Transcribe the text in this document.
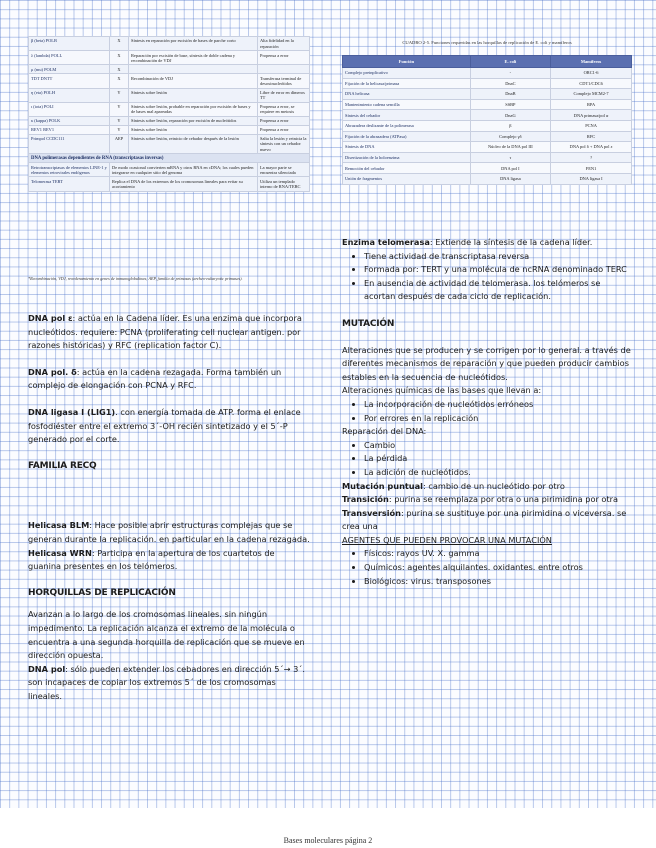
β (beta) POLB	X	Síntesis en reparación por escisión de bases de parche corto	Alta fidelidad en la reparación
λ (lambda) POLL	X	Reparación por escisión de base, síntesis de doble cadena y recombinación de VDJ	Propensa a error
μ (mu) POLM	X		
TDT DNTT	X	Recombinación de VDJ	Transferasa terminal de desoxinucleótidos
η (eta) POLH	Y	Síntesis sobre lesión	Libre de error en dímeros TT
ι (iota) POLI	Y	Síntesis sobre lesión, probable en reparación por escisión de bases y de bases mal apareadas	Propensa a error, se requiere en meiosis
κ (kappa) POLK	Y	Síntesis sobre lesión, reparación por escisión de nucleótidos	Propensa a error
REV1 REV1	Y	Síntesis sobre lesión	Propensa a error
Primpol CCDC111	AEP	Síntesis sobre lesión, reinicio de cebador después de la lesión	Salta la lesión y reinicia la síntesis con un cebador nuevo
DNA polimerasas dependientes de RNA (transcriptasas inversas)			
Retrotranscriptasas de elementos LINE-1 y elementos retrovirales endógenos	De modo ocasional convierten mRNA y otros RNA en cDNA; los cuales pueden integrarse en cualquier sitio del genoma		La mayor parte se encuentra silenciada
Telomerasa TERT	Replica el DNA de los extremos de los cromosomas lineales para evitar su acortamiento		Utiliza un templado interno de RNA/TERC
*Recombinación, VDJ, reordenamiento en genes de inmunoglobulinas; AEP, familia de primasas (archeo-eukaryotic primases).
CUADRO 2-5. Funciones requeridas en las horquillas de replicación de E. coli y mamíferos
Función	E. coli	Mamíferos
Complejo preinplicativo	-	ORC1-6
Fijación de la helicasa/primasa	DnaC	CDT1/CDC6
DNA helicasa	DnaB	Complejo MCM2-7
Mantenimiento cadena sencilla	SSBP	RPA
Síntesis del cebador	DnaG	DNA primasa/pol α
Abrazadera deslizante de la polimerasa	β	PCNA
Fijación de la abrazadera (ATPasa)	Complejo γδ	RFC
Síntesis de DNA	Núcleo de la DNA pol III	DNA pol δ + DNA pol ε
Disertización de la holoenzima	τ	?
Remoción del cebador	DNA pol I	FEN1
Unión de fragmentos	DNA ligasa	DNA ligasa I

DNA pol ε: actúa en la Cadena líder. Es una enzima que incorpora nucleótidos. requiere: PCNA (proliferating cell nuclear antigen. por razones históricas) y RFC (replication factor C).

DNA pol. δ: actúa en la cadena rezagada. Forma también un complejo de elongación con PCNA y RFC.

DNA ligasa I (LIG1). con energía tomada de ATP. forma el enlace fosfodiéster entre el extremo 3´-OH recién sintetizado y el 5´-P generado por el corte.

FAMILIA RECQ

Helicasa BLM: Hace posible abrir estructuras complejas que se generan durante la replicación. en particular en la cadena rezagada.

Helicasa WRN: Participa en la apertura de los cuartetos de guanina presentes en los telómeros.

HORQUILLAS DE REPLICACIÓN

Avanzan a lo largo de los cromosomas lineales. sin ningún impedimento. La replicación alcanza el extremo de la molécula o encuentra a una segunda horquilla de replicación que se mueve en dirección opuesta.

DNA pol: sólo pueden extender los cebadores en dirección 5´→ 3´. son incapaces de copiar los extremos 5´ de los cromosomas lineales.

Enzima telomerasa: Extiende la síntesis de la cadena líder.

• Tiene actividad de transcriptasa reversa
• Formada por: TERT y una molécula de ncRNA denominado TERC
• En ausencia de actividad de telomerasa. los telómeros se acortan después de cada ciclo de replicación.

MUTACIÓN

Alteraciones que se producen y se corrigen por lo general. a través de diferentes mecanismos de reparación y que pueden producir cambios estables en la secuencia de nucleótidos.

Alteraciones químicas de las bases que llevan a:

• La incorporación de nucleótidos erróneos
• Por errores en la replicación

Reparación del DNA:

• Cambio
• La pérdida
• La adición de nucleótidos.

Mutación puntual: cambio de un nucleótido por otro

Transición: purina se reemplaza por otra o una pirimidina por otra

Transversión: purina se sustituye por una pirimidina o viceversa. se crea una

AGENTES QUE PUEDEN PROVOCAR UNA MUTACIÓN

• Físicos: rayos UV. X. gamma
• Químicos: agentes alquilantes. oxidantes. entre otros
• Biológicos: virus. transposones
Bases moleculares página 2
